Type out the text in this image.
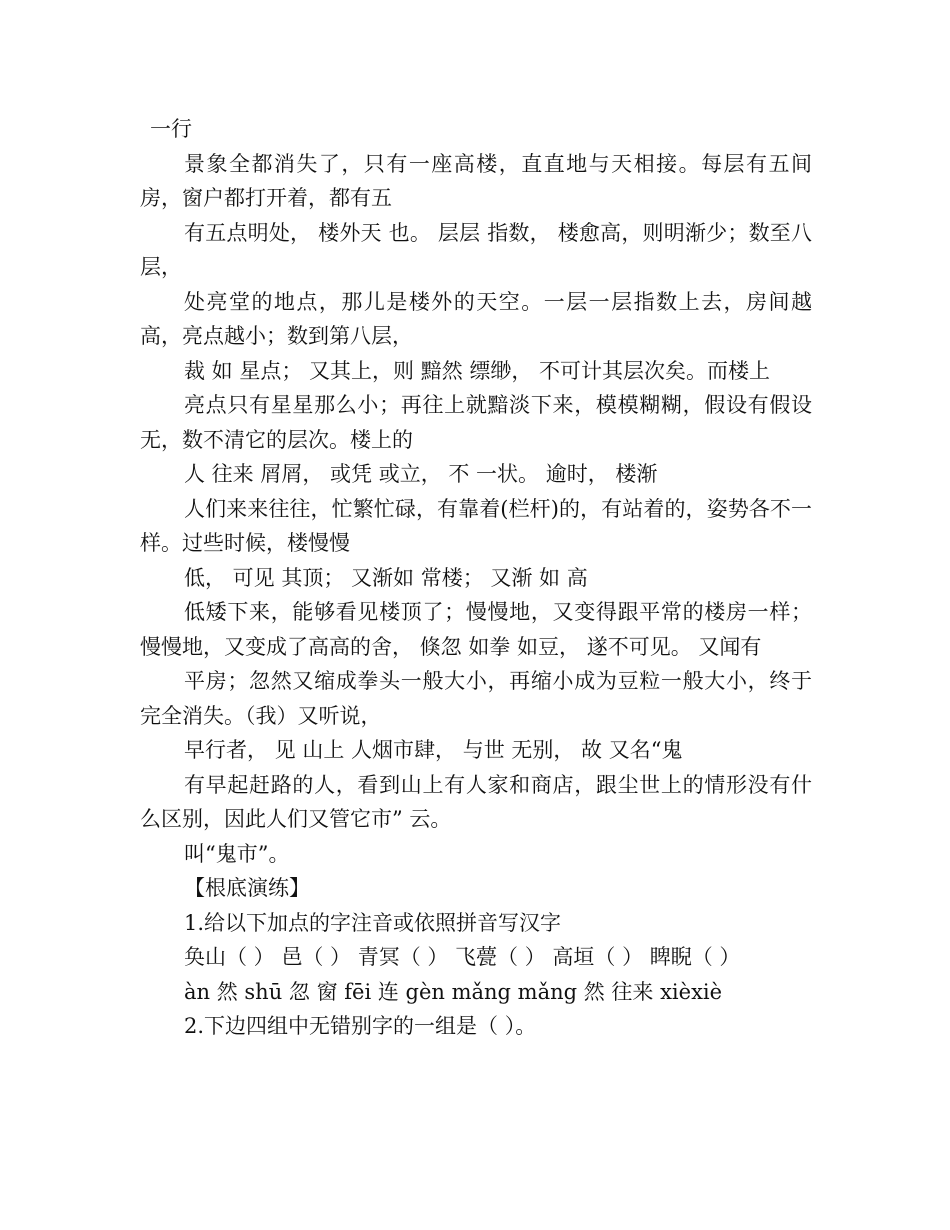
一行

景象全都消失了，只有一座高楼，直直地与天相接。每层有五间房，窗户都打开着，都有五

有五点明处， 楼外天 也。 层层 指数， 楼愈高，则明渐少；数至八层，

处亮堂的地点，那儿是楼外的天空。一层一层指数上去，房间越高，亮点越小；数到第八层，

裁 如 星点； 又其上，则 黯然 缥缈， 不可计其层次矣。而楼上

亮点只有星星那么小；再往上就黯淡下来，模模糊糊，假设有假设无，数不清它的层次。楼上的

人 往来 屑屑， 或凭 或立， 不 一状。 逾时， 楼渐

人们来来往往，忙繁忙碌，有靠着(栏杆)的，有站着的，姿势各不一样。过些时候，楼慢慢

低， 可见 其顶； 又渐如 常楼； 又渐 如 高

低矮下来，能够看见楼顶了；慢慢地，又变得跟平常的楼房一样；慢慢地，又变成了高高的舍， 倏忽 如拳 如豆， 遂不可见。 又闻有

平房；忽然又缩成拳头一般大小，再缩小成为豆粒一般大小，终于完全消失。（我）又听说，

早行者， 见 山上 人烟市肆， 与世 无别， 故 又名“鬼

有早起赶路的人，看到山上有人家和商店，跟尘世上的情形没有什么区别，因此人们又管它市” 云。

叫“鬼市”。

【根底演练】

1.给以下加点的字注音或依照拼音写汉字

奂山（ ） 邑（ ） 青冥（ ） 飞甍（ ） 高垣（ ） 睥睨（ ）

àn 然 shū 忽 窗 fēi 连 gèn mǎng mǎng 然 往来 xièxiè

2.下边四组中无错别字的一组是（ ）。
